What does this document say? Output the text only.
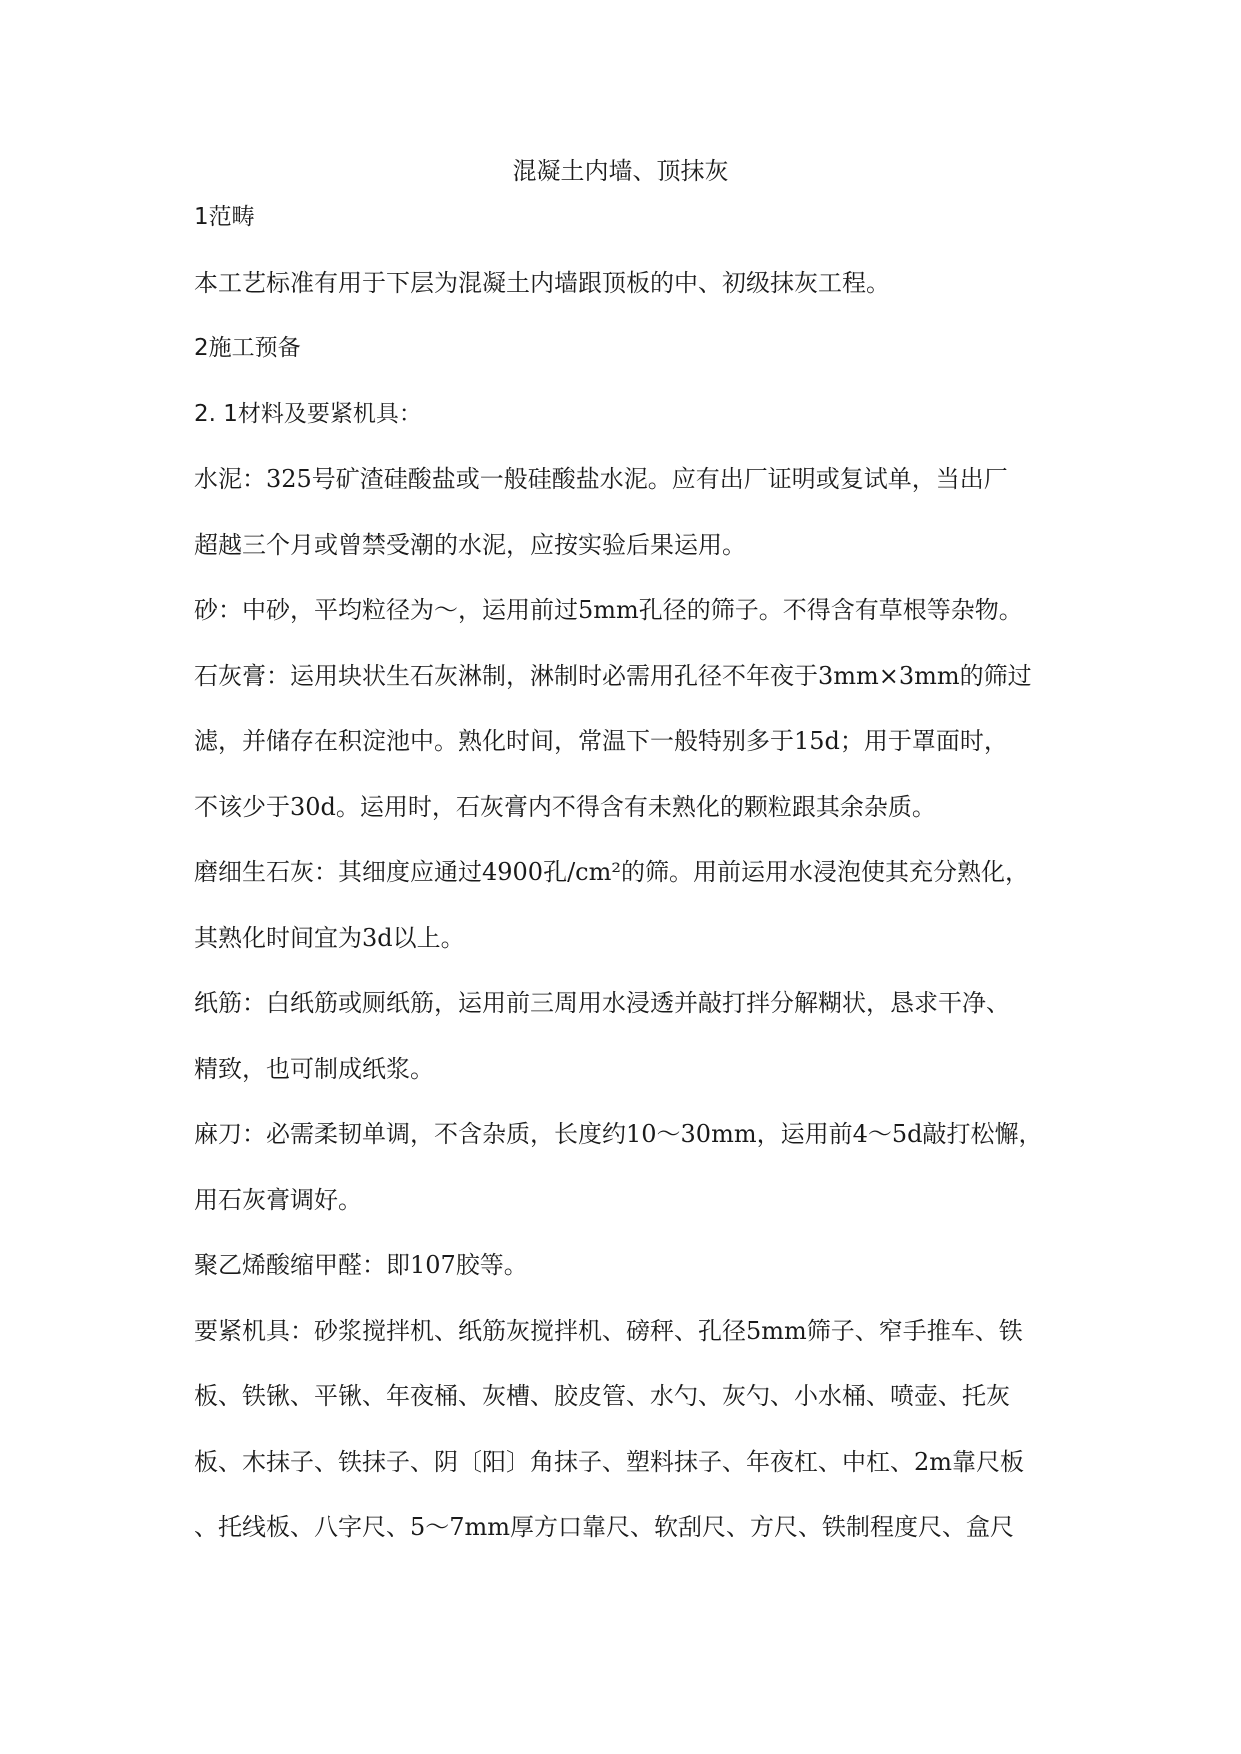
混凝土内墙、顶抹灰
1范畴
本工艺标准有用于下层为混凝土内墙跟顶板的中、初级抹灰工程。
2施工预备
2. 1材料及要紧机具：
水泥：325号矿渣硅酸盐或一般硅酸盐水泥。应有出厂证明或复试单，当出厂
超越三个月或曾禁受潮的水泥，应按实验后果运用。
砂：中砂，平均粒径为～，运用前过5mm孔径的筛子。不得含有草根等杂物。
石灰膏：运用块状生石灰淋制，淋制时必需用孔径不年夜于3mm×3mm的筛过
滤，并储存在积淀池中。熟化时间，常温下一般特别多于15d；用于罩面时，
不该少于30d。运用时，石灰膏内不得含有未熟化的颗粒跟其余杂质。
磨细生石灰：其细度应通过4900孔/cm²的筛。用前运用水浸泡使其充分熟化，
其熟化时间宜为3d以上。
纸筋：白纸筋或厕纸筋，运用前三周用水浸透并敲打拌分解糊状，恳求干净、
精致，也可制成纸浆。
麻刀：必需柔韧单调，不含杂质，长度约10～30mm，运用前4～5d敲打松懈，
用石灰膏调好。
聚乙烯酸缩甲醛：即107胶等。
要紧机具：砂浆搅拌机、纸筋灰搅拌机、磅秤、孔径5mm筛子、窄手推车、铁
板、铁锹、平锹、年夜桶、灰槽、胶皮管、水勺、灰勺、小水桶、喷壶、托灰
板、木抹子、铁抹子、阴〔阳〕角抹子、塑料抹子、年夜杠、中杠、2m靠尺板
、托线板、八字尺、5～7mm厚方口靠尺、软刮尺、方尺、铁制程度尺、盒尺
